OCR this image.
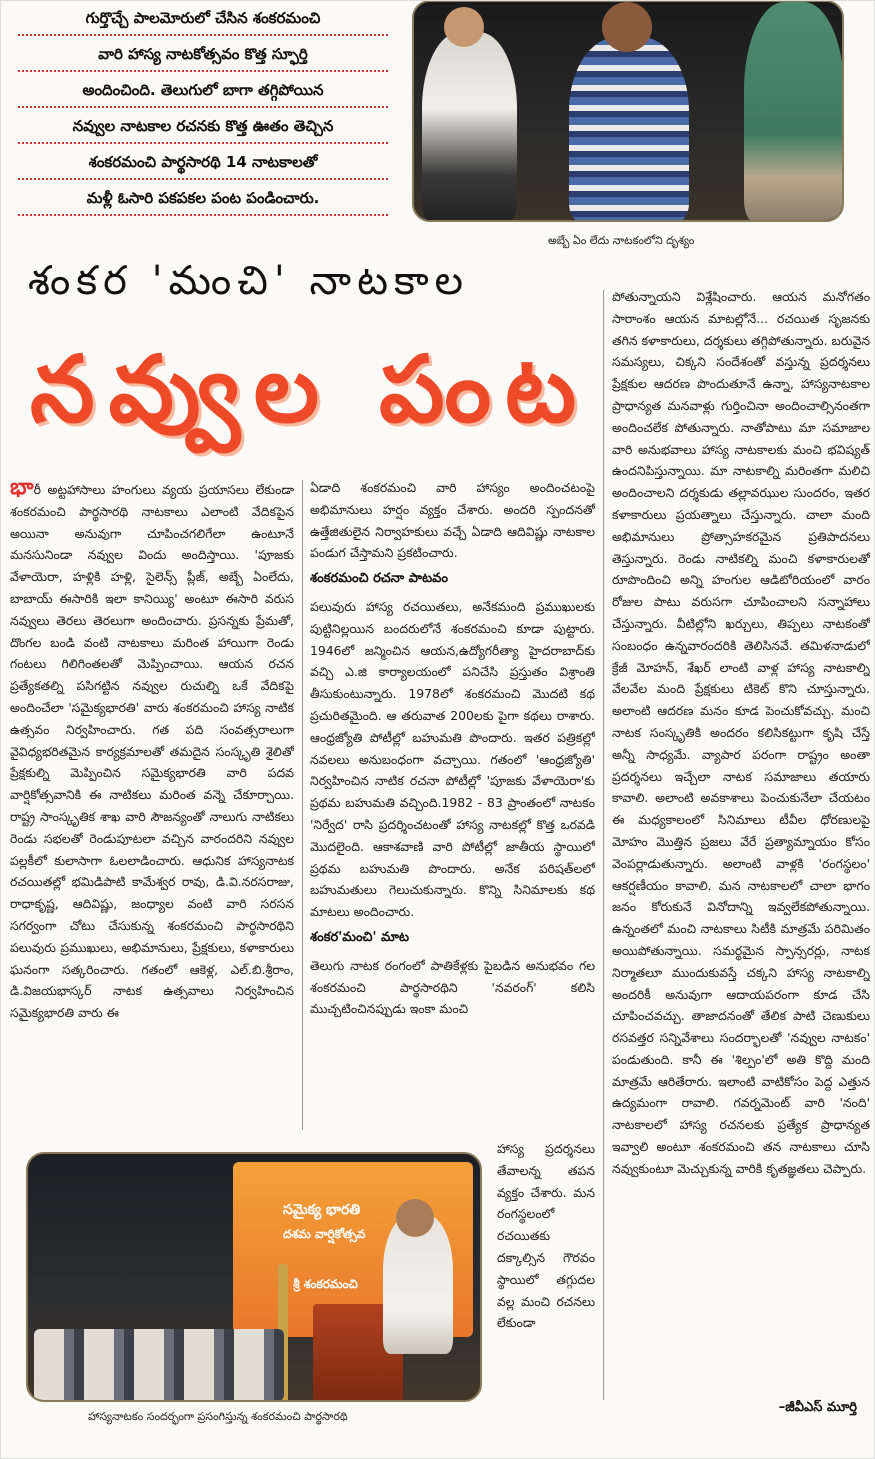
గుర్తొచ్చే పాలమోరులో చేసిన శంకరమంచి
వారి హాస్య నాటకోత్సవం కొత్త స్ఫూర్తి
అందించింది. తెలుగులో బాగా తగ్గిపోయిన
నవ్వుల నాటకాల రచనకు కొత్త ఊతం తెచ్చిన
శంకరమంచి పార్థసారథి 14 నాటకాలతో
మళ్లీ ఓసారి పకపకల పంట పండించారు.
అబ్బే ఏం లేదు నాటకంలోని దృశ్యం
శంకర 'మంచి' నాటకాల
నవ్వుల పంట

భారీ అట్టహాసాలు హంగులు వ్యయ ప్రయాసలు లేకుండా శంకరమంచి పార్థసారథి నాటకాలు ఎలాంటి వేదికపైన అయినా అనువుగా చూపించగలిగేలా ఉంటూనే మనసునిండా నవ్వుల విందు అందిస్తాయి. 'పూజకు వేళాయెరా, హళ్లికి హళ్లి, సైలెన్స్ ప్లీజ్, అబ్బే ఏంలేదు, బాబాయ్ ఈసారికి ఇలా కానియ్యి' అంటూ ఈసారి వరుస నవ్వులు తెరలు తెరలుగా అందించారు. ప్రసన్నకు ప్రేమతో, దొంగల బండి వంటి నాటకాలు మరింత హాయిగా రెండు గంటలు గిలిగింతలతో మెప్పించాయి. ఆయన రచన ప్రత్యేకతల్ని పసిగట్టిన నవ్వుల రుచుల్ని ఒకే వేదికపై అందించేలా 'సమైక్యభారతి' వారు శంకరమంచి హాస్య నాటిక ఉత్సవం నిర్వహించారు. గత పది సంవత్సరాలుగా వైవిధ్యభరితమైన కార్యక్రమాలతో తమదైన సంస్కృతి శైలితో ప్రేక్షకుల్ని మెప్పించిన సమైక్యభారతి వారి పదవ వార్షికోత్సవానికి ఈ నాటికలు మరింత వన్నె చేకూర్చాయి. రాష్ట్ర సాంస్కృతిక శాఖ వారి సౌజన్యంతో నాలుగు నాటికలు రెండు సభలతో రెండుపూటలా వచ్చిన వారందరిని నవ్వుల పల్లకీలో కులాసాగా ఓలలాడించారు. ఆధునిక హాస్యనాటక రచయితల్లో భమిడిపాటి కామేశ్వర రావు, డి.వి.నరసరాజు, రాధాకృష్ణ, ఆదివిష్ణు, జంధ్యాల వంటి వారి సరసన సగర్వంగా చోటు చేసుకున్న శంకరమంచి పార్థసారథిని పలువురు ప్రముఖులు, అభిమానులు, ప్రేక్షకులు, కళాకారులు ఘనంగా సత్కరించారు. గతంలో ఆకెళ్ల, ఎల్.బి.శ్రీరాం, డి.విజయభాస్కర్ నాటక ఉత్సవాలు నిర్వహించిన సమైక్యభారతి వారు ఈ

ఏడాది శంకరమంచి వారి హాస్యం అందించటంపై అభిమానులు హర్షం వ్యక్తం చేశారు. అందరి స్పందనతో ఉత్తేజితులైన నిర్వాహకులు వచ్చే ఏడాది ఆదివిష్ణు నాటకాల పండుగ చేస్తామని ప్రకటించారు.

శంకరమంచి రచనా పాటవం

పలువురు హాస్య రచయితలు, అనేకమంది ప్రముఖులకు పుట్టినిల్లయిన బందరులోనే శంకరమంచి కూడా పుట్టారు. 1946లో జన్మించిన ఆయన,ఉద్యోగరీత్యా హైదరాబాద్‌కు వచ్చి ఎ.జి కార్యాలయంలో పనిచేసి ప్రస్తుతం విశ్రాంతి తీసుకుంటున్నారు. 1978లో శంకరమంచి మొదటి కథ ప్రచురితమైంది. ఆ తరువాత 200లకు పైగా కథలు రాశారు. ఆంధ్రజ్యోతి పోటీల్లో బహుమతి పొందారు. ఇతర పత్రికల్లో నవలలు అనుబంధంగా వచ్చాయి. గతంలో 'ఆంధ్రజ్యోతి' నిర్వహించిన నాటిక రచనా పోటీల్లో 'పూజకు వేళాయెరా'కు ప్రథమ బహుమతి వచ్చింది.1982 - 83 ప్రాంతంలో నాటకం 'నిర్వేద' రాసి ప్రదర్శించటంతో హాస్య నాటకల్లో కొత్త ఒరవడి మొదలైంది. ఆకాశవాణి వారి పోటీల్లో జాతీయ స్థాయిలో ప్రథమ బహుమతి పొందారు. అనేక పరిషత్‌లలో బహుమతులు గెలుచుకున్నారు. కొన్ని సినిమాలకు కథ మాటలు అందించారు.

శంకర'మంచి' మాట

తెలుగు నాటక రంగంలో పాతికేళ్లకు పైబడిన అనుభవం గల శంకరమంచి పార్థసారథిని 'నవరంగ్' కలిసి ముచ్చటించినప్పుడు ఇంకా మంచి

హాస్య ప్రదర్శనలు తేవాలన్న తపన వ్యక్తం చేశారు. మన రంగస్థలంలో రచయితకు దక్కాల్సిన గౌరవం స్థాయిలో తగ్గుదల వల్ల మంచి రచనలు లేకుండా

పోతున్నాయని విశ్లేషించారు. ఆయన మనోగతం సారాంశం ఆయన మాటల్లోనే... రచయిత సృజనకు తగిన కళాకారులు, దర్శకులు తగ్గిపోతున్నారు. బరువైన సమస్యలు, చిక్కని సందేశంతో వస్తున్న ప్రదర్శనలు ప్రేక్షకుల ఆదరణ పొందుతూనే ఉన్నా, హాస్యనాటకాల ప్రాధాన్యత మనవాళ్లు గుర్తించినా అందించాల్సినంతగా అందించలేక పోతున్నారు. నాతోపాటు మా సమాజాల వారి అనుభవాలు హాస్య నాటకాలకు మంచి భవిష్యత్ ఉందనిపిస్తున్నాయి. మా నాటకాల్ని మరింతగా మలిచి అందించాలని దర్శకుడు తల్లావఝుల సుందరం, ఇతర కళాకారులు ప్రయత్నాలు చేస్తున్నారు. చాలా మంది అభిమానులు ప్రోత్సాహకరమైన ప్రతిపాదనలు తెస్తున్నారు. రెండు నాటికల్ని మంచి కళాకారులతో రూపొందించి అన్ని హంగుల ఆడిటోరియంలో వారం రోజుల పాటు వరుసగా చూపించాలని సన్నాహాలు చేస్తున్నారు. వీటిల్లోని ఖర్చులు, తిప్పలు నాటకంతో సంబంధం ఉన్నవారందరికి తెలిసినవే. తమిళనాడులో క్రేజీ మోహన్, శేఖర్ లాంటి వాళ్ల హాస్య నాటకాల్ని వేలవేల మంది ప్రేక్షకులు టికెట్ కొని చూస్తున్నారు. అలాంటి ఆదరణ మనం కూడ పెంచుకోవచ్చు. మంచి నాటక సంస్కృతికి అందరం కలిసికట్టుగా కృషి చేస్తే అన్నీ సాధ్యమే. వ్యాపార పరంగా రాష్ట్రం అంతా ప్రదర్శనలు ఇచ్చేలా నాటక సమాజాలు తయారు కావాలి. అలాంటి అవకాశాలు పెంచుకునేలా చేయటం ఈ మధ్యకాలంలో సినిమాలు టీవీల ధోరణులపై మోహం మొత్తిన ప్రజలు వేరే ప్రత్యామ్నాయం కోసం వెంపర్లాడుతున్నారు. అలాంటి వాళ్లకి 'రంగస్థలం' ఆకర్షణీయం కావాలి. మన నాటకాలలో చాలా భాగం జనం కోరుకునే వినోదాన్ని ఇవ్వలేకపోతున్నాయి. ఉన్నంతలో మంచి నాటకాలు సిటీకి మాత్రమే పరిమితం అయిపోతున్నాయి. సమర్థమైన స్పాన్సరర్లు, నాటక నిర్మాతలూ ముందుకువస్తే చక్కని హాస్య నాటకాల్ని అందరికీ అనువుగా ఆదాయపరంగా కూడ చేసి చూపించవచ్చు. తాజాదనంతో తేలిక పాటి చెణుకులు రసవత్తర సన్నివేశాలు సందర్భాలతో 'నవ్వుల నాటకం' పండుతుంది. కానీ ఈ 'శిల్పం'లో అతి కొద్ది మంది మాత్రమే ఆరితేరారు. ఇలాంటి వాటికోసం పెద్ద ఎత్తున ఉద్యమంగా రావాలి. గవర్నమెంట్ వారి 'నంది' నాటకాలలో హాస్య రచనలకు ప్రత్యేక ప్రాధాన్యత ఇవ్వాలి అంటూ శంకరమంచి తన నాటకాలు చూసి నవ్వుకుంటూ మెచ్చుకున్న వారికి కృతజ్ఞతలు చెప్పారు.

సమైక్య భారతి
దశమ వార్షికోత్సవ
శ్రీ శంకరమంచి
హాస్యనాటకం సందర్భంగా ప్రసంగిస్తున్న శంకరమంచి పార్థసారథి
–జీవీఎస్ మూర్తి
